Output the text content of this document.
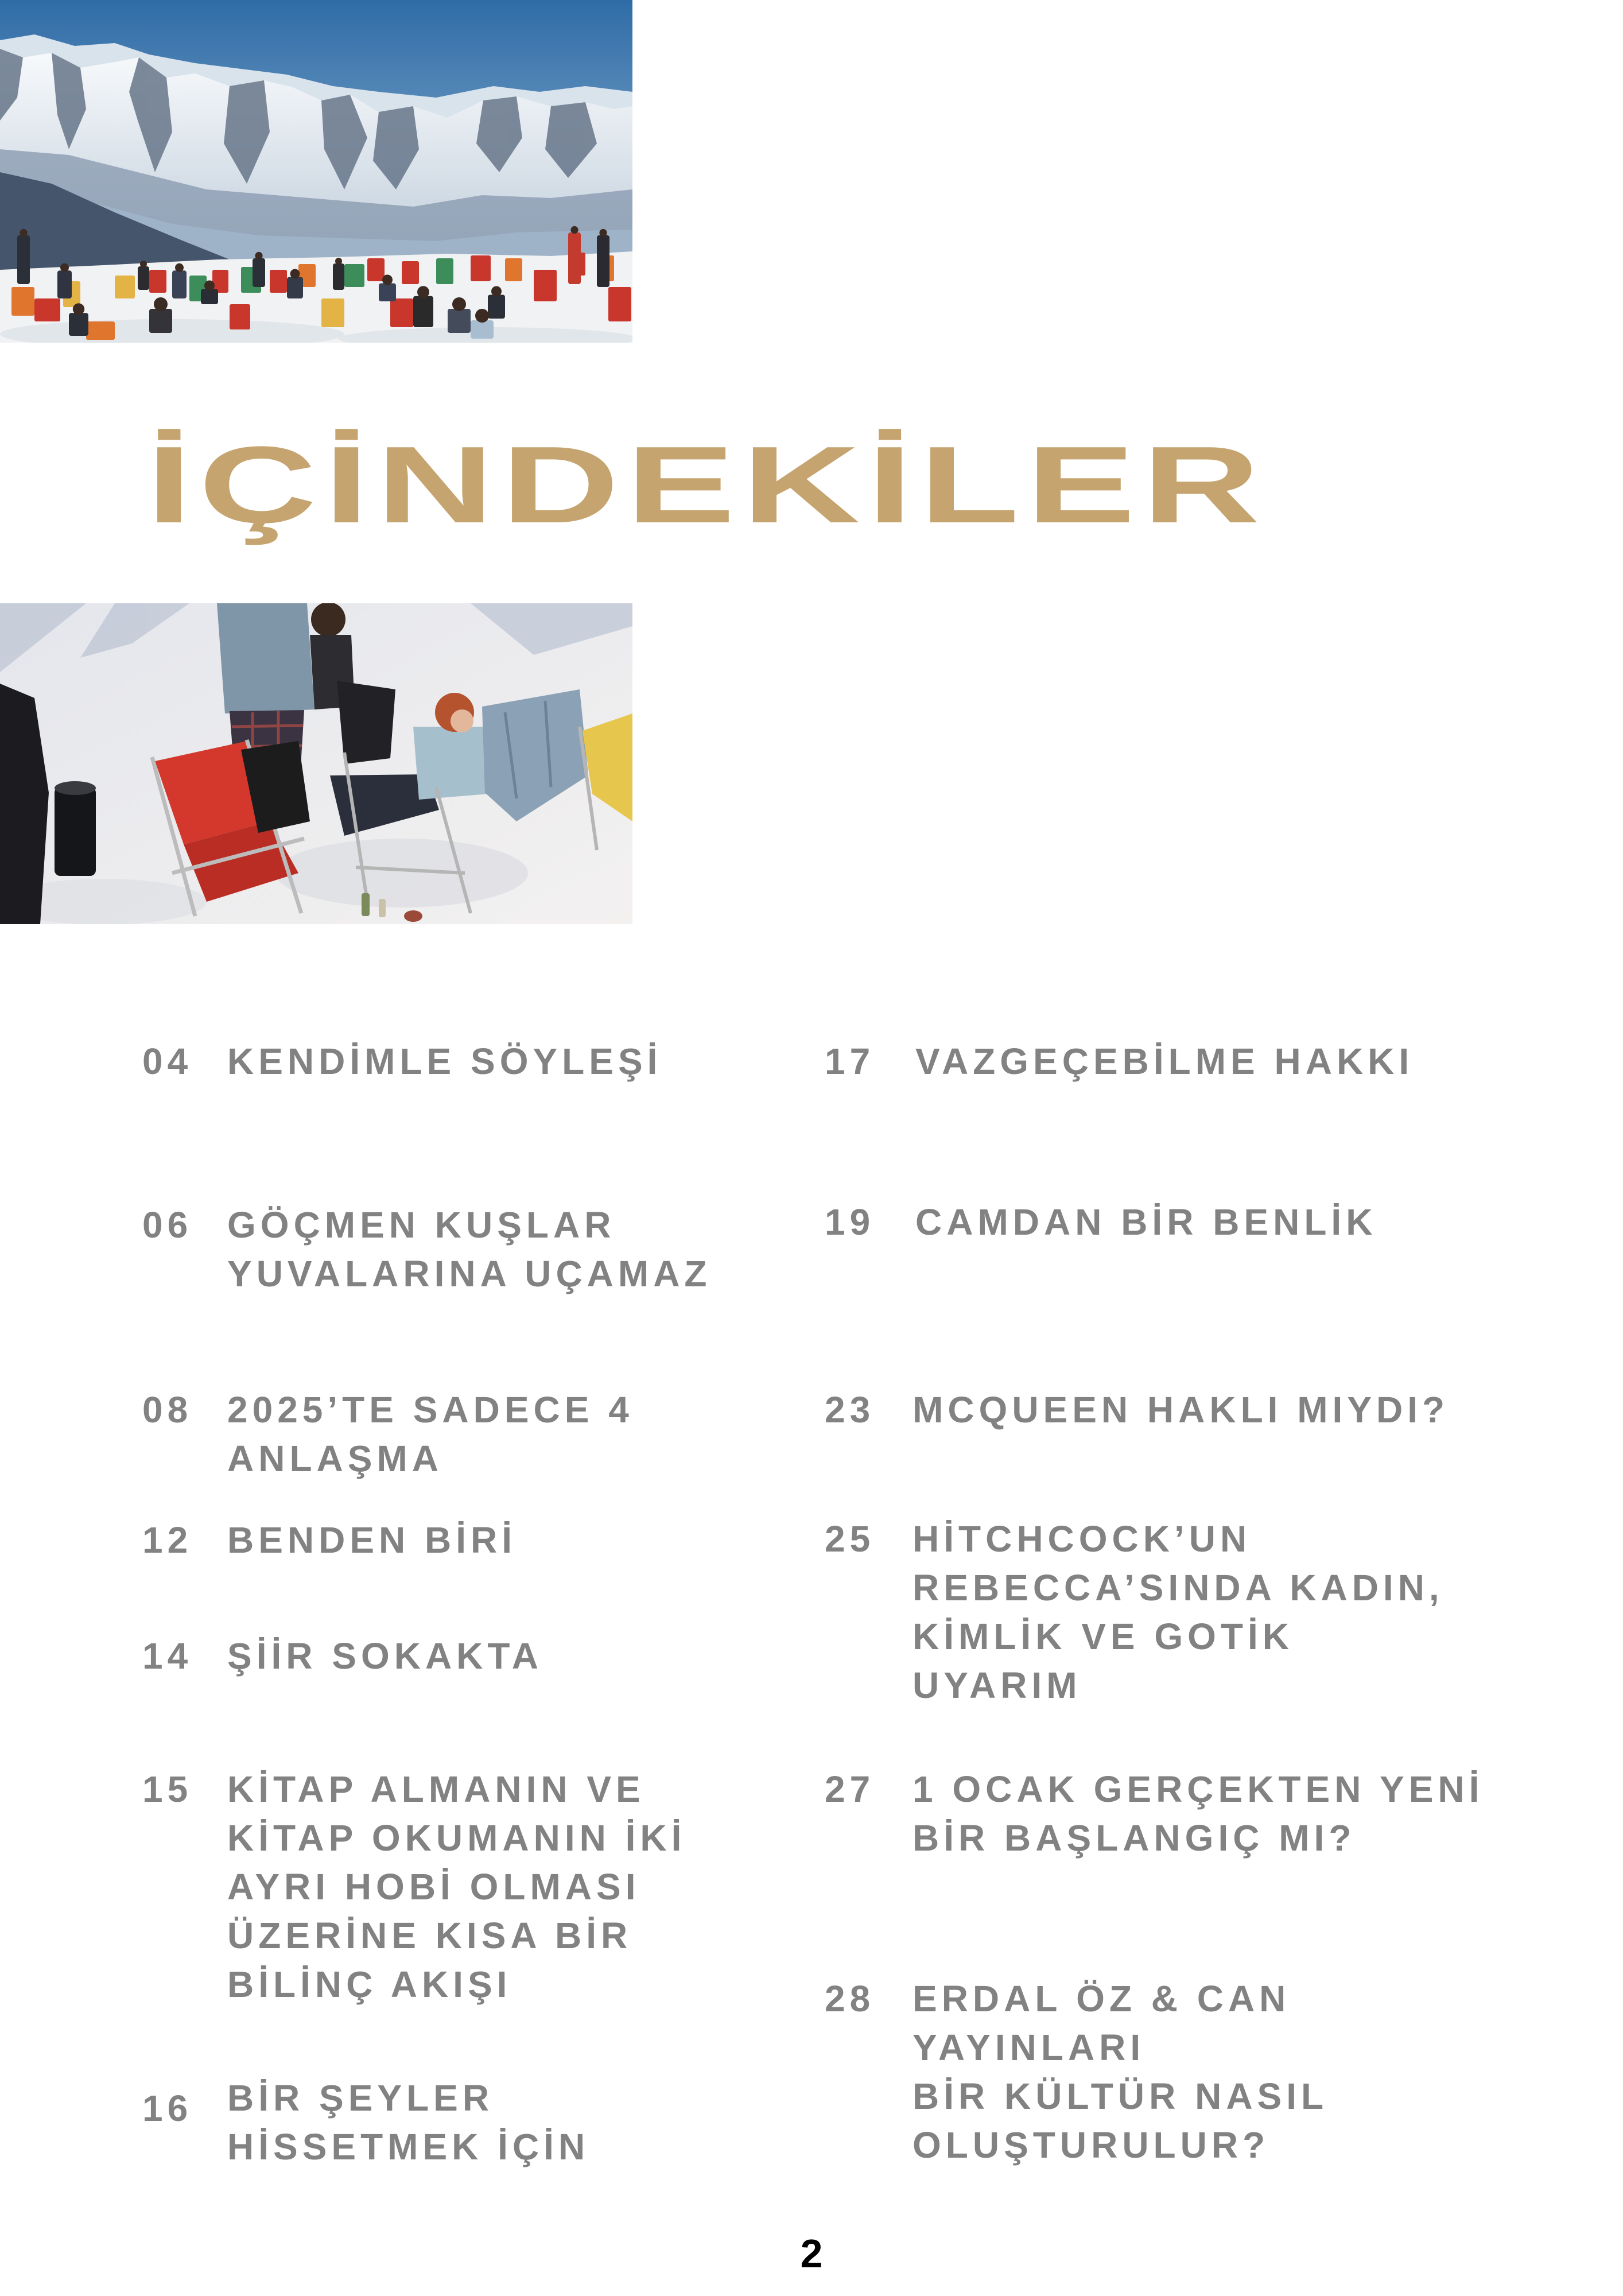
İÇİNDEKİLER
04 KENDİMLE SÖYLEŞİ
06 GÖÇMEN KUŞLAR
YUVALARINA UÇAMAZ
08 2025’TE SADECE 4
ANLAŞMA
12 BENDEN BİRİ
14 ŞİİR SOKAKTA
15 KİTAP ALMANIN VE
KİTAP OKUMANIN İKİ
AYRI HOBİ OLMASI
ÜZERİNE KISA BİR
BİLİNÇ AKIŞI
16 BİR ŞEYLER
HİSSETMEK İÇİN
17 VAZGEÇEBİLME HAKKI
19 CAMDAN BİR BENLİK
23 MCQUEEN HAKLI MIYDI?
25 HİTCHCOCK’UN
REBECCA’SINDA KADIN,
KİMLİK VE GOTİK
UYARIM
27 1 OCAK GERÇEKTEN YENİ
BİR BAŞLANGIÇ MI?
28 ERDAL ÖZ & CAN
YAYINLARI
BİR KÜLTÜR NASIL
OLUŞTURULUR?
2
